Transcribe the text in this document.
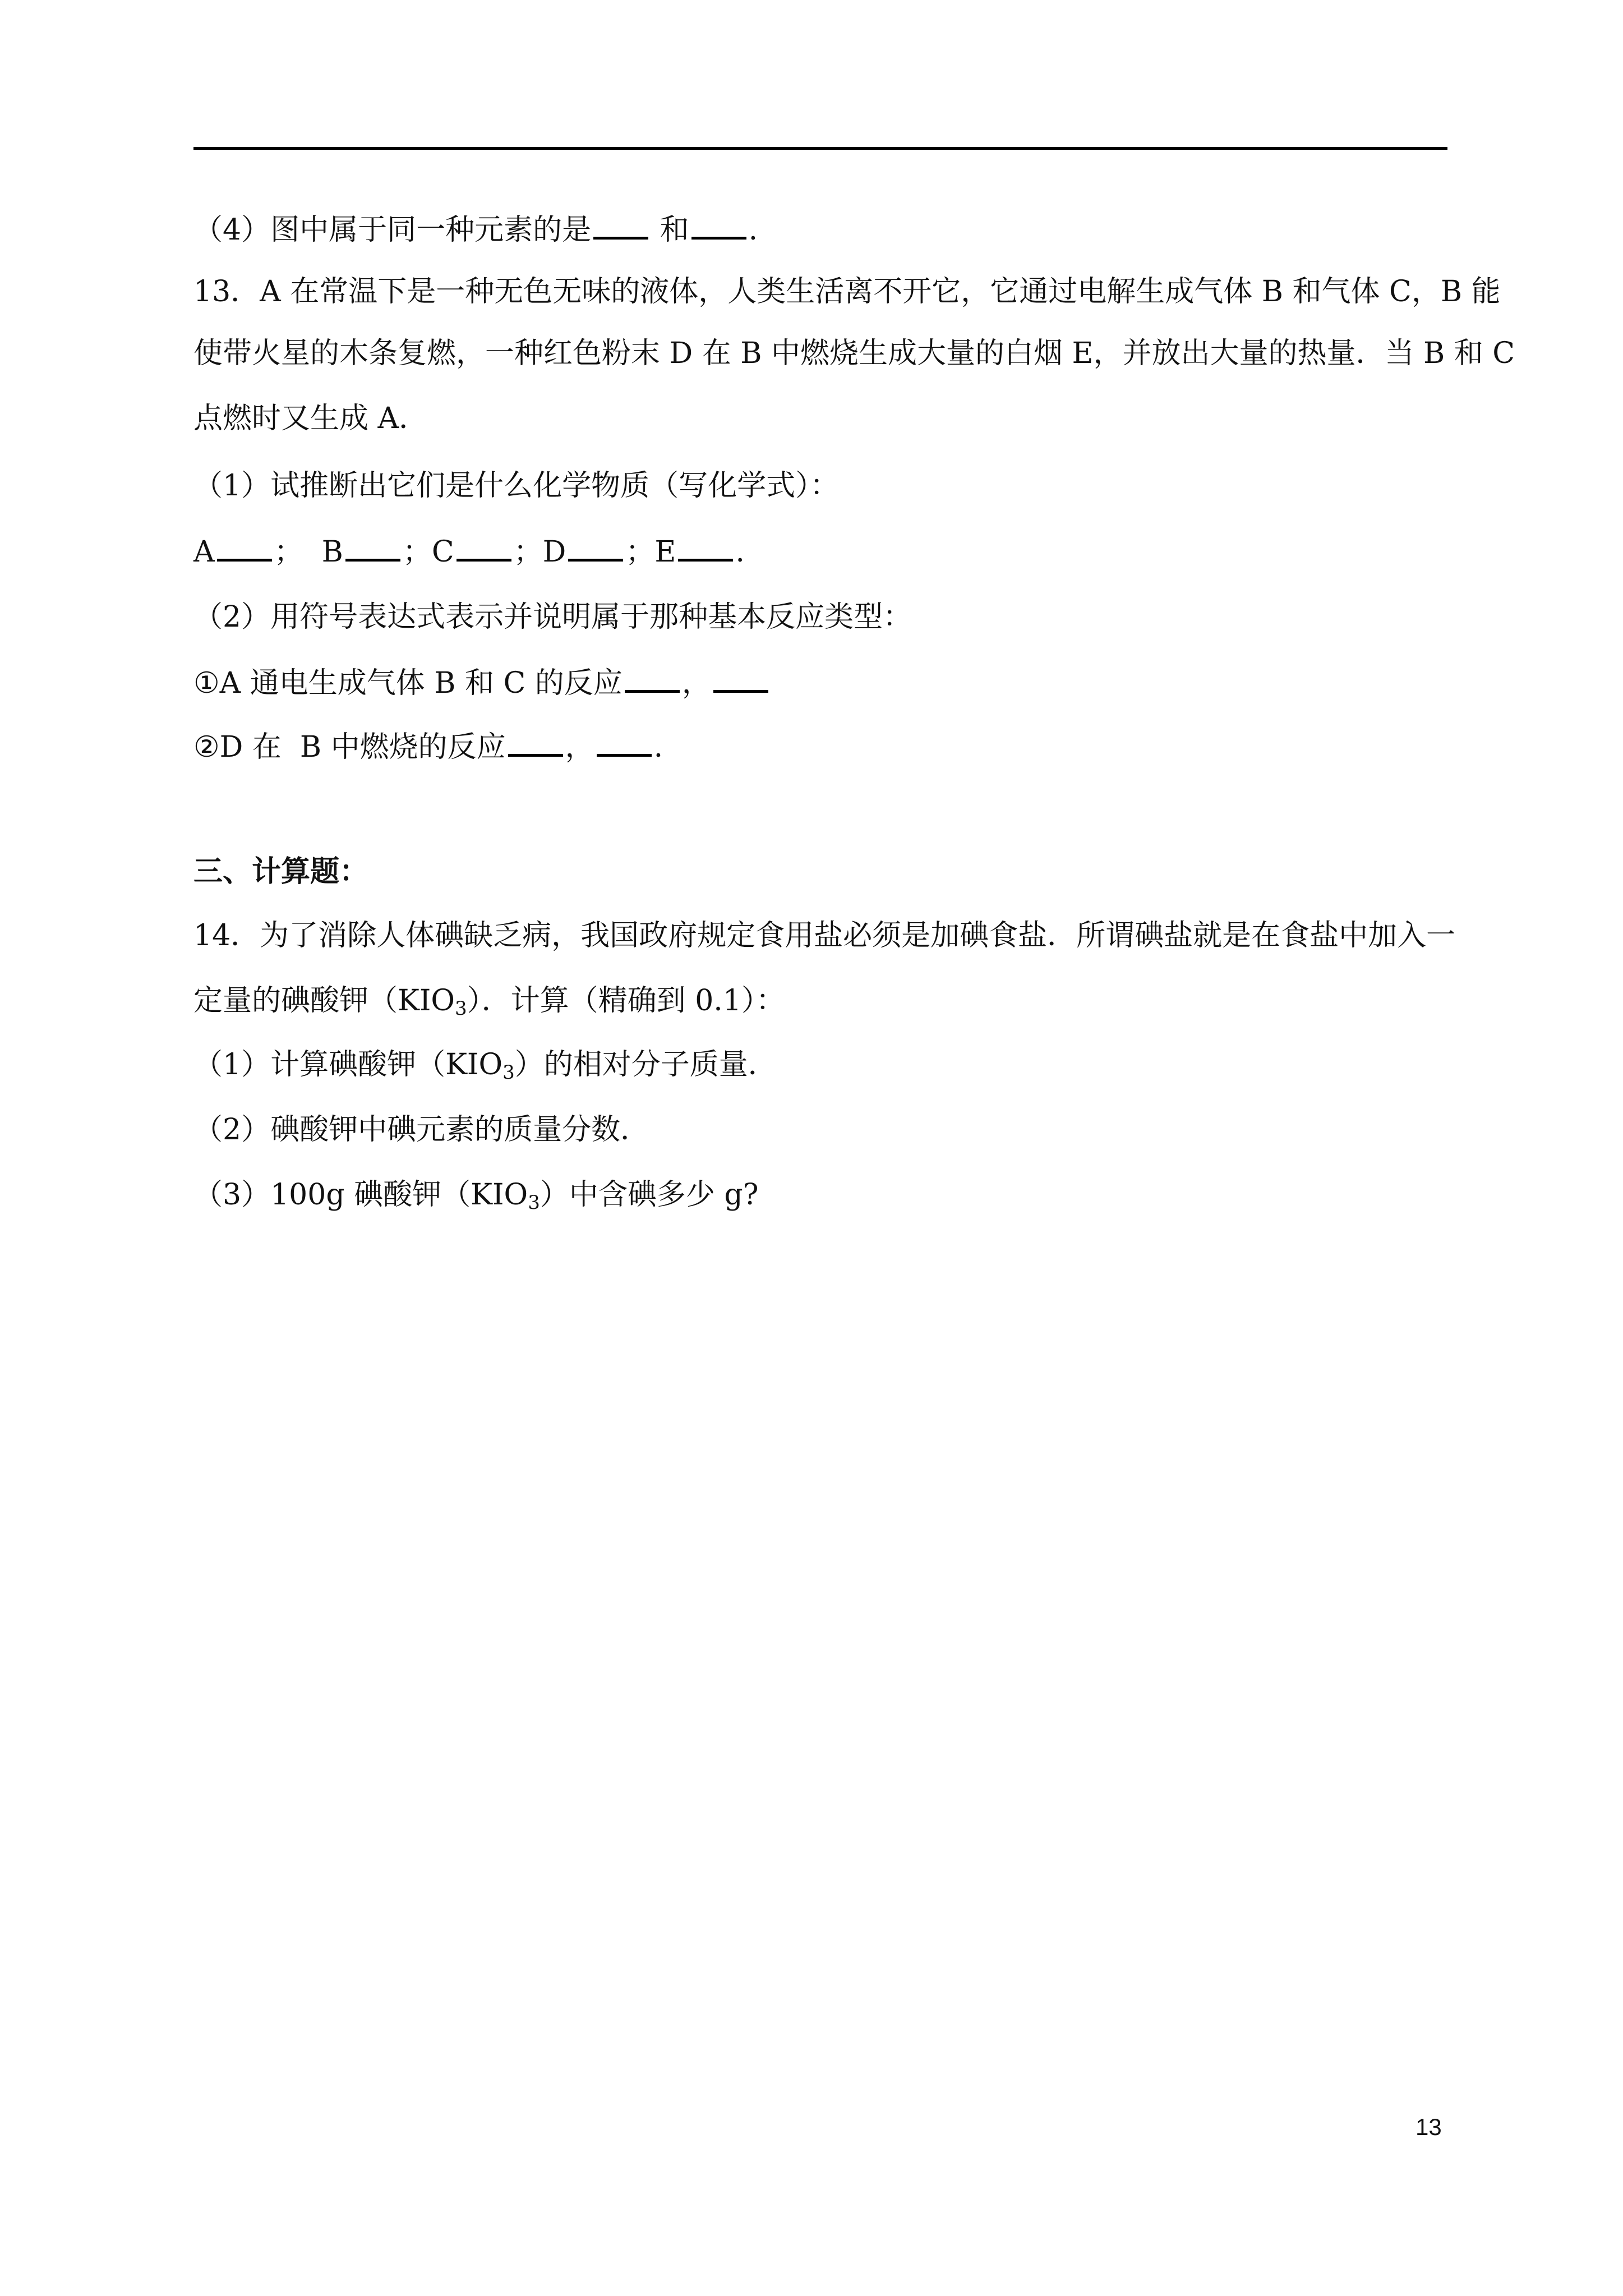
（4）图中属于同一种元素的是 和 .
13．A 在常温下是一种无色无味的液体，人类生活离不开它，它通过电解生成气体 B 和气体 C，B 能
使带火星的木条复燃，一种红色粉末 D 在 B 中燃烧生成大量的白烟 E，并放出大量的热量．当 B 和 C
点燃时又生成 A．
（1）试推断出它们是什么化学物质（写化学式）：
A ；  B ；C ；D ；E .
（2）用符号表达式表示并说明属于那种基本反应类型：
①A 通电生成气体 B 和 C 的反应 ，
②D 在  B 中燃烧的反应 ， .
三、计算题：
14．为了消除人体碘缺乏病，我国政府规定食用盐必须是加碘食盐．所谓碘盐就是在食盐中加入一
定量的碘酸钾$(KIO_3)$．计算（精确到 0.1）：
（1）计算碘酸钾$(KIO_3)$的相对分子质量．
（2）碘酸钾中碘元素的质量分数．
（3）100g 碘酸钾$(KIO_3)$中含碘多少 g?
13
